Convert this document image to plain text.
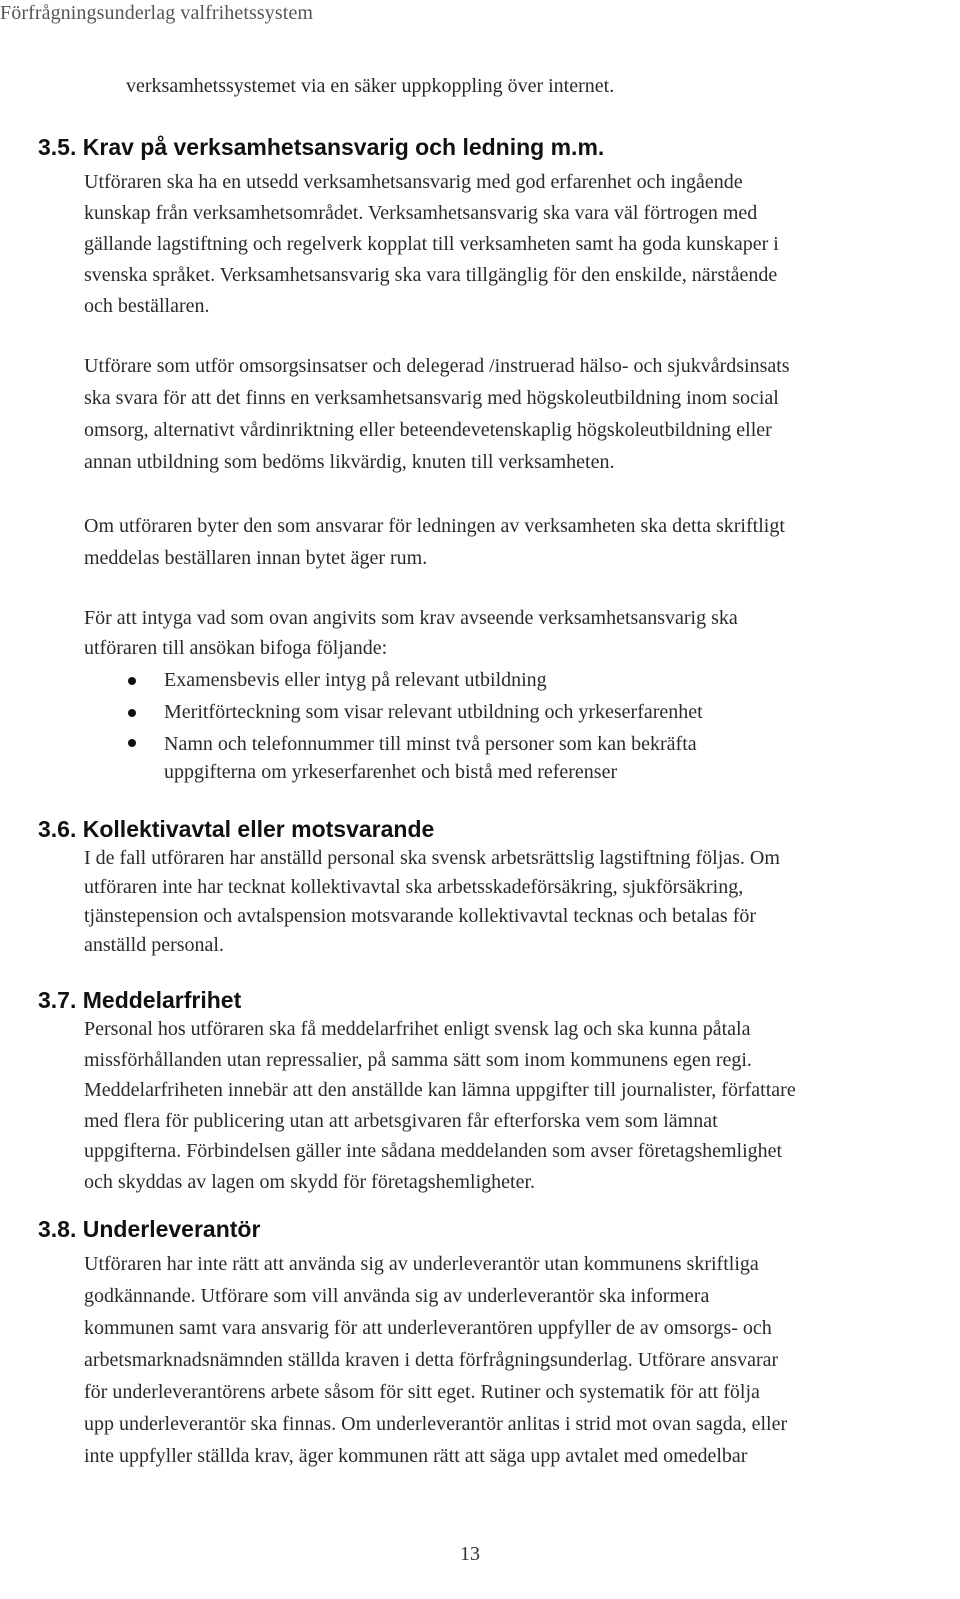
Förfrågningsunderlag valfrihetssystem
verksamhetssystemet via en säker uppkoppling över internet.
3.5. Krav på verksamhetsansvarig och ledning m.m.
Utföraren ska ha en utsedd verksamhetsansvarig med god erfarenhet och ingående
kunskap från verksamhetsområdet. Verksamhetsansvarig ska vara väl förtrogen med
gällande lagstiftning och regelverk kopplat till verksamheten samt ha goda kunskaper i
svenska språket. Verksamhetsansvarig ska vara tillgänglig för den enskilde, närstående
och beställaren.
Utförare som utför omsorgsinsatser och delegerad /instruerad hälso- och sjukvårdsinsats
ska svara för att det finns en verksamhetsansvarig med högskoleutbildning inom social
omsorg, alternativt vårdinriktning eller beteendevetenskaplig högskoleutbildning eller
annan utbildning som bedöms likvärdig, knuten till verksamheten.
Om utföraren byter den som ansvarar för ledningen av verksamheten ska detta skriftligt
meddelas beställaren innan bytet äger rum.
För att intyga vad som ovan angivits som krav avseende verksamhetsansvarig ska
utföraren till ansökan bifoga följande:
Examensbevis eller intyg på relevant utbildning
Meritförteckning som visar relevant utbildning och yrkeserfarenhet
Namn och telefonnummer till minst två personer som kan bekräfta
uppgifterna om yrkeserfarenhet och bistå med referenser
3.6. Kollektivavtal eller motsvarande
I de fall utföraren har anställd personal ska svensk arbetsrättslig lagstiftning följas. Om
utföraren inte har tecknat kollektivavtal ska arbetsskadeförsäkring, sjukförsäkring,
tjänstepension och avtalspension motsvarande kollektivavtal tecknas och betalas för
anställd personal.
3.7. Meddelarfrihet
Personal hos utföraren ska få meddelarfrihet enligt svensk lag och ska kunna påtala
missförhållanden utan repressalier, på samma sätt som inom kommunens egen regi.
Meddelarfriheten innebär att den anställde kan lämna uppgifter till journalister, författare
med flera för publicering utan att arbetsgivaren får efterforska vem som lämnat
uppgifterna. Förbindelsen gäller inte sådana meddelanden som avser företagshemlighet
och skyddas av lagen om skydd för företagshemligheter.
3.8. Underleverantör
Utföraren har inte rätt att använda sig av underleverantör utan kommunens skriftliga
godkännande. Utförare som vill använda sig av underleverantör ska informera
kommunen samt vara ansvarig för att underleverantören uppfyller de av omsorgs- och
arbetsmarknadsnämnden ställda kraven i detta förfrågningsunderlag. Utförare ansvarar
för underleverantörens arbete såsom för sitt eget. Rutiner och systematik för att följa
upp underleverantör ska finnas. Om underleverantör anlitas i strid mot ovan sagda, eller
inte uppfyller ställda krav, äger kommunen rätt att säga upp avtalet med omedelbar
13
